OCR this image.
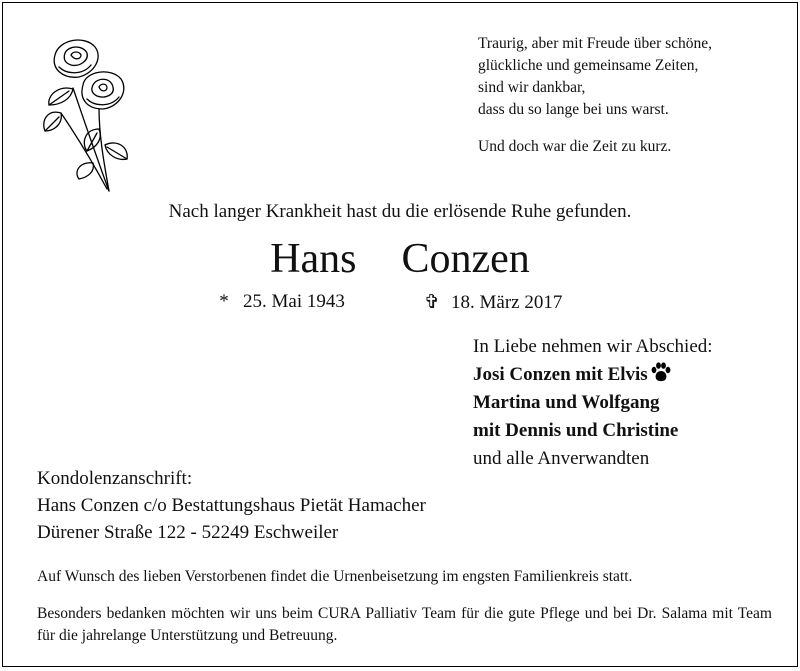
Traurig, aber mit Freude über schöne,
glückliche und gemeinsame Zeiten,
sind wir dankbar,
dass du so lange bei uns warst.
Und doch war die Zeit zu kurz.
Nach langer Krankheit hast du die erlösende Ruhe gefunden.
Hans  Conzen
* 25. Mai 1943	✞ 18. März 2017
In Liebe nehmen wir Abschied:
Josi Conzen mit Elvis
Martina und Wolfgang
mit Dennis und Christine
und alle Anverwandten
Kondolenzanschrift:
Hans Conzen c/o Bestattungshaus Pietät Hamacher
Dürener Straße 122 - 52249 Eschweiler
Auf Wunsch des lieben Verstorbenen findet die Urnenbeisetzung im engsten Familienkreis statt.
Besonders bedanken möchten wir uns beim CURA Palliativ Team für die gute Pflege und bei Dr. Salama mit Team für die jahrelange Unterstützung und Betreuung.
